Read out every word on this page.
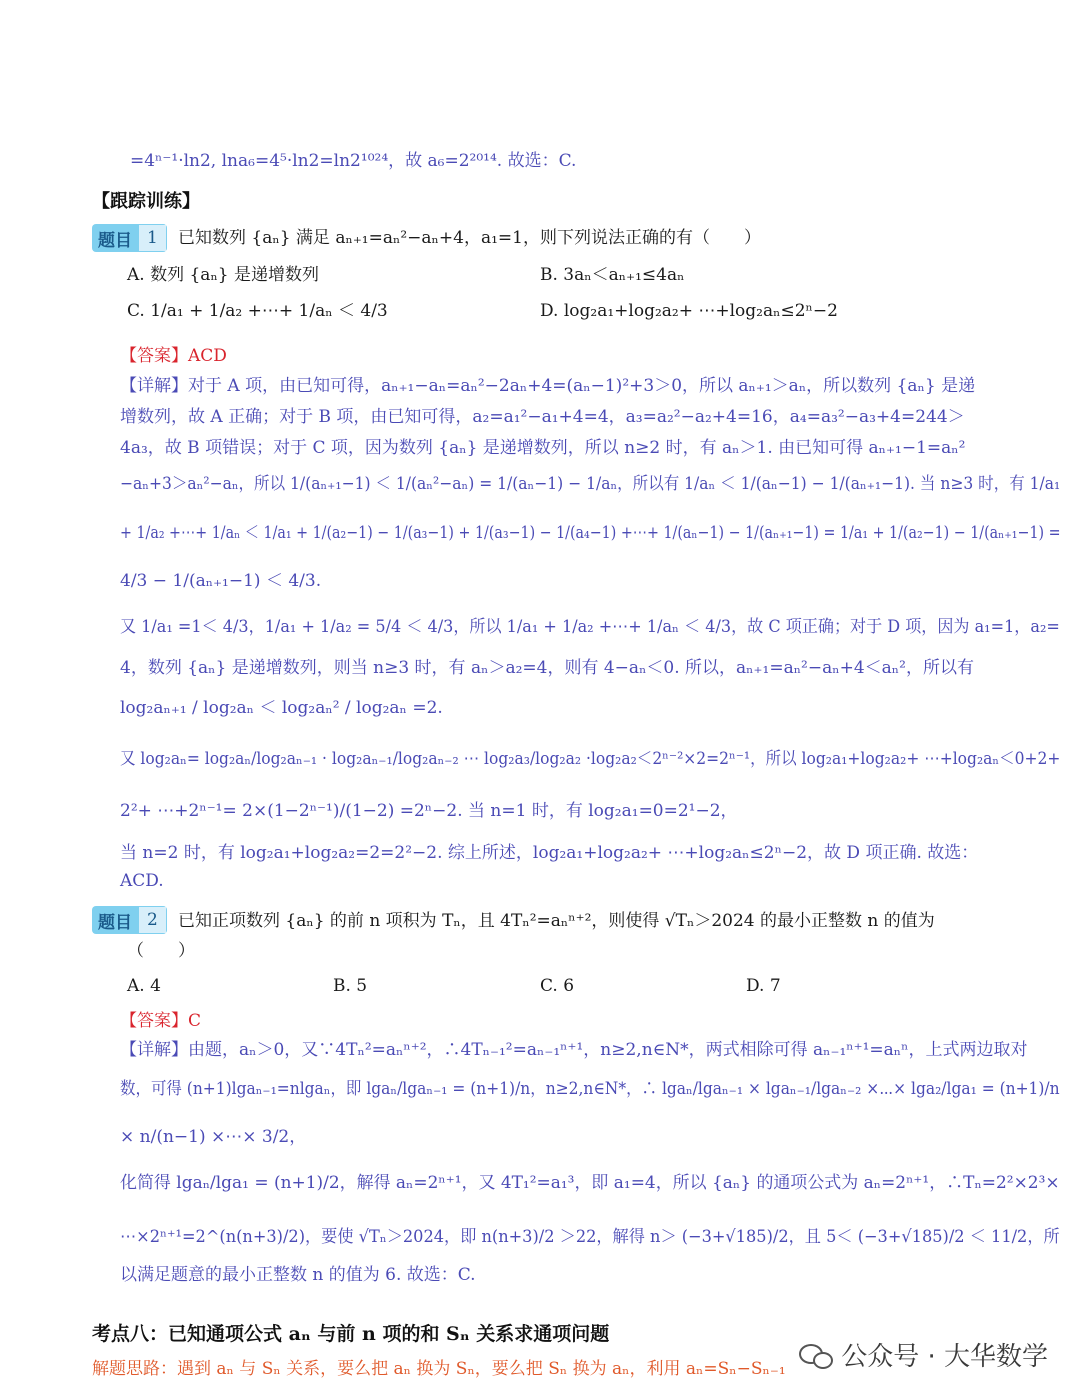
=4ⁿ⁻¹·ln2, lna₆=4⁵·ln2=ln2¹⁰²⁴，故 a₆=2²⁰¹⁴. 故选：C.
【跟踪训练】
题目 1	已知数列 {aₙ} 满足 aₙ₊₁=aₙ²−aₙ+4，a₁=1，则下列说法正确的有（　　）
A. 数列 {aₙ} 是递增数列	B. 3aₙ＜aₙ₊₁≤4aₙ
C. 1/a₁ + 1/a₂ +⋯+ 1/aₙ ＜ 4/3	D. log₂a₁+log₂a₂+ ⋯+log₂aₙ≤2ⁿ−2
【答案】ACD
【详解】对于 A 项，由已知可得，aₙ₊₁−aₙ=aₙ²−2aₙ+4=(aₙ−1)²+3＞0，所以 aₙ₊₁＞aₙ，所以数列 {aₙ} 是递
增数列，故 A 正确；对于 B 项，由已知可得，a₂=a₁²−a₁+4=4，a₃=a₂²−a₂+4=16，a₄=a₃²−a₃+4=244＞
4a₃，故 B 项错误；对于 C 项，因为数列 {aₙ} 是递增数列，所以 n≥2 时，有 aₙ＞1. 由已知可得 aₙ₊₁−1=aₙ²
−aₙ+3＞aₙ²−aₙ，所以 1/(aₙ₊₁−1) ＜ 1/(aₙ²−aₙ) = 1/(aₙ−1) − 1/aₙ，所以有 1/aₙ ＜ 1/(aₙ−1) − 1/(aₙ₊₁−1). 当 n≥3 时，有 1/a₁
+ 1/a₂ +⋯+ 1/aₙ ＜ 1/a₁ + 1/(a₂−1) − 1/(a₃−1) + 1/(a₃−1) − 1/(a₄−1) +⋯+ 1/(aₙ−1) − 1/(aₙ₊₁−1) = 1/a₁ + 1/(a₂−1) − 1/(aₙ₊₁−1) =
4/3 − 1/(aₙ₊₁−1) ＜ 4/3.
又 1/a₁ =1＜ 4/3，1/a₁ + 1/a₂ = 5/4 ＜ 4/3，所以 1/a₁ + 1/a₂ +⋯+ 1/aₙ ＜ 4/3，故 C 项正确；对于 D 项，因为 a₁=1，a₂=
4，数列 {aₙ} 是递增数列，则当 n≥3 时，有 aₙ＞a₂=4，则有 4−aₙ＜0. 所以，aₙ₊₁=aₙ²−aₙ+4＜aₙ²，所以有
log₂aₙ₊₁ / log₂aₙ ＜ log₂aₙ² / log₂aₙ =2.
又 log₂aₙ= log₂aₙ/log₂aₙ₋₁ · log₂aₙ₋₁/log₂aₙ₋₂ ⋯ log₂a₃/log₂a₂ ·log₂a₂＜2ⁿ⁻²×2=2ⁿ⁻¹，所以 log₂a₁+log₂a₂+ ⋯+log₂aₙ＜0+2+
2²+ ⋯+2ⁿ⁻¹= 2×(1−2ⁿ⁻¹)/(1−2) =2ⁿ−2. 当 n=1 时，有 log₂a₁=0=2¹−2，
当 n=2 时，有 log₂a₁+log₂a₂=2=2²−2. 综上所述，log₂a₁+log₂a₂+ ⋯+log₂aₙ≤2ⁿ−2，故 D 项正确. 故选：
ACD.
题目 2	已知正项数列 {aₙ} 的前 n 项积为 Tₙ，且 4Tₙ²=aₙⁿ⁺²，则使得 √Tₙ＞2024 的最小正整数 n 的值为
（　　）
A. 4	B. 5	C. 6	D. 7
【答案】C
【详解】由题，aₙ＞0，又∵4Tₙ²=aₙⁿ⁺²，∴4Tₙ₋₁²=aₙ₋₁ⁿ⁺¹，n≥2,n∈N*，两式相除可得 aₙ₋₁ⁿ⁺¹=aₙⁿ，上式两边取对
数，可得 (n+1)lgaₙ₋₁=nlgaₙ，即 lgaₙ/lgaₙ₋₁ = (n+1)/n，n≥2,n∈N*，∴ lgaₙ/lgaₙ₋₁ × lgaₙ₋₁/lgaₙ₋₂ ×⋯× lga₂/lga₁ = (n+1)/n
× n/(n−1) ×⋯× 3/2，
化简得 lgaₙ/lga₁ = (n+1)/2，解得 aₙ=2ⁿ⁺¹，又 4T₁²=a₁³，即 a₁=4，所以 {aₙ} 的通项公式为 aₙ=2ⁿ⁺¹，∴Tₙ=2²×2³×
⋯×2ⁿ⁺¹=2^(n(n+3)/2)，要使 √Tₙ＞2024，即 n(n+3)/2 ＞22，解得 n＞ (−3+√185)/2，且 5＜ (−3+√185)/2 ＜ 11/2，所
以满足题意的最小正整数 n 的值为 6. 故选：C.
考点八：已知通项公式 aₙ 与前 n 项的和 Sₙ 关系求通项问题
解题思路：遇到 aₙ 与 Sₙ 关系，要么把 aₙ 换为 Sₙ，要么把 Sₙ 换为 aₙ，利用 aₙ=Sₙ−Sₙ₋₁ 公众号 · 大华数学
